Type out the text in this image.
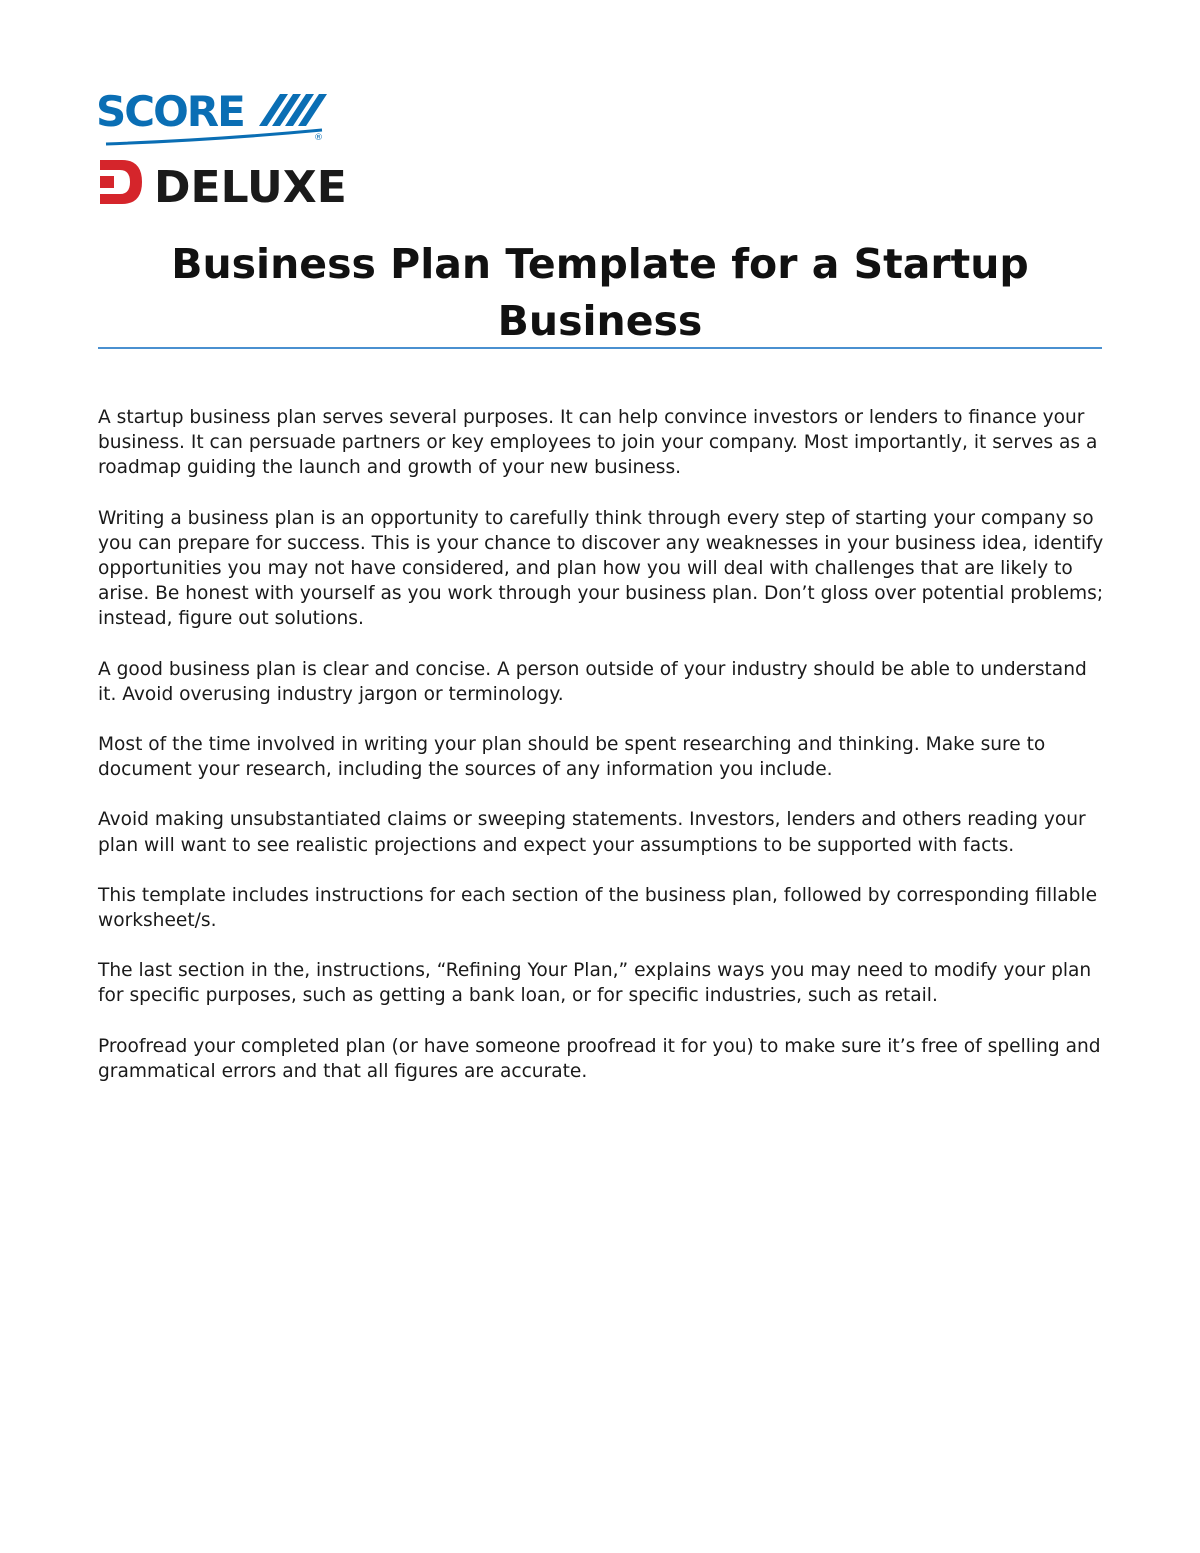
SCORE
®
DELUXE
Business Plan Template for a Startup Business

A startup business plan serves several purposes. It can help convince investors or lenders to finance your business. It can persuade partners or key employees to join your company. Most importantly, it serves as a roadmap guiding the launch and growth of your new business.

Writing a business plan is an opportunity to carefully think through every step of starting your company so you can prepare for success. This is your chance to discover any weaknesses in your business idea, identify opportunities you may not have considered, and plan how you will deal with challenges that are likely to arise. Be honest with yourself as you work through your business plan. Don’t gloss over potential problems; instead, figure out solutions.

A good business plan is clear and concise. A person outside of your industry should be able to understand it. Avoid overusing industry jargon or terminology.

Most of the time involved in writing your plan should be spent researching and thinking. Make sure to document your research, including the sources of any information you include.

Avoid making unsubstantiated claims or sweeping statements. Investors, lenders and others reading your plan will want to see realistic projections and expect your assumptions to be supported with facts.

This template includes instructions for each section of the business plan, followed by corresponding fillable worksheet/s.

The last section in the, instructions, “Refining Your Plan,” explains ways you may need to modify your plan for specific purposes, such as getting a bank loan, or for specific industries, such as retail.

Proofread your completed plan (or have someone proofread it for you) to make sure it’s free of spelling and grammatical errors and that all figures are accurate.
